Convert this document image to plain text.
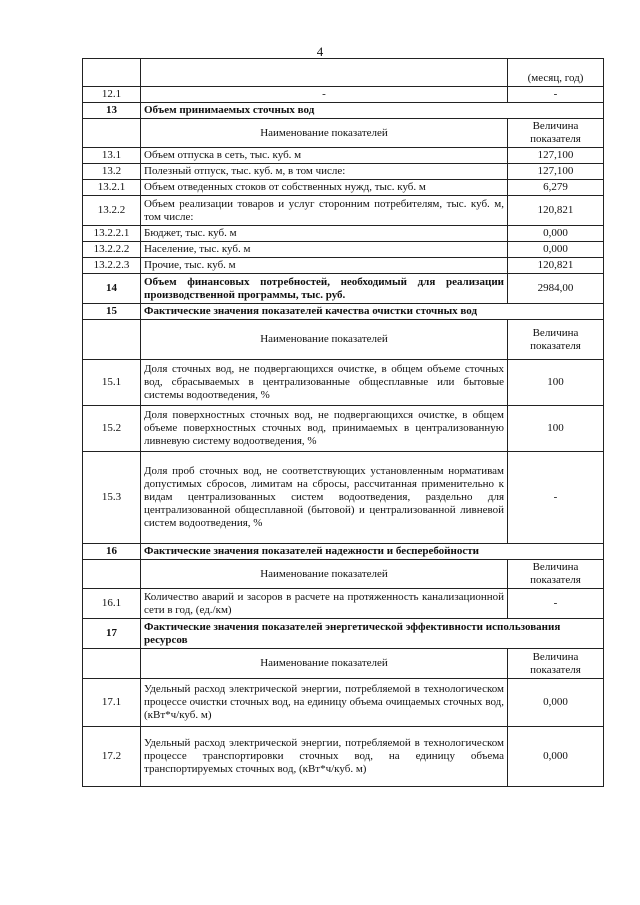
4
		(месяц, год)
12.1	-	-
13	Объем принимаемых сточных вод	
	Наименование показателей	Величина показателя
13.1	Объем отпуска в сеть, тыс. куб. м	127,100
13.2	Полезный отпуск, тыс. куб. м, в том числе:	127,100
13.2.1	Объем отведенных стоков от собственных нужд, тыс. куб. м	6,279
13.2.2	Объем реализации товаров и услуг сторонним потребителям, тыс. куб. м, том числе:	120,821
13.2.2.1	Бюджет, тыс. куб. м	0,000
13.2.2.2	Население, тыс. куб. м	0,000
13.2.2.3	Прочие, тыс. куб. м	120,821
14	Объем финансовых потребностей, необходимый для реализации производственной программы, тыс. руб.	2984,00
15	Фактические значения показателей качества очистки сточных вод	
	Наименование показателей	Величина показателя
15.1	Доля сточных вод, не подвергающихся очистке, в общем объеме сточных вод, сбрасываемых в централизованные общесплавные или бытовые системы водоотведения, %	100
15.2	Доля поверхностных сточных вод, не подвергающихся очистке, в общем объеме поверхностных сточных вод, принимаемых в централизованную ливневую систему водоотведения, %	100
15.3	Доля проб сточных вод, не соответствующих установленным нормативам допустимых сбросов, лимитам на сбросы, рассчитанная применительно к видам централизованных систем водоотведения, раздельно для централизованной общесплавной (бытовой) и централизованной ливневой систем водоотведения, %	-
16	Фактические значения показателей надежности и бесперебойности	
	Наименование показателей	Величина показателя
16.1	Количество аварий и засоров в расчете на протяженность канализационной сети в год, (ед./км)	-
17	Фактические значения показателей энергетической эффективности использования ресурсов	
	Наименование показателей	Величина показателя
17.1	Удельный расход электрической энергии, потребляемой в технологическом процессе очистки сточных вод, на единицу объема очищаемых сточных вод, (кВт*ч/куб. м)	0,000
17.2	Удельный расход электрической энергии, потребляемой в технологическом процессе транспортировки сточных вод, на единицу объема транспортируемых сточных вод, (кВт*ч/куб. м)	0,000
